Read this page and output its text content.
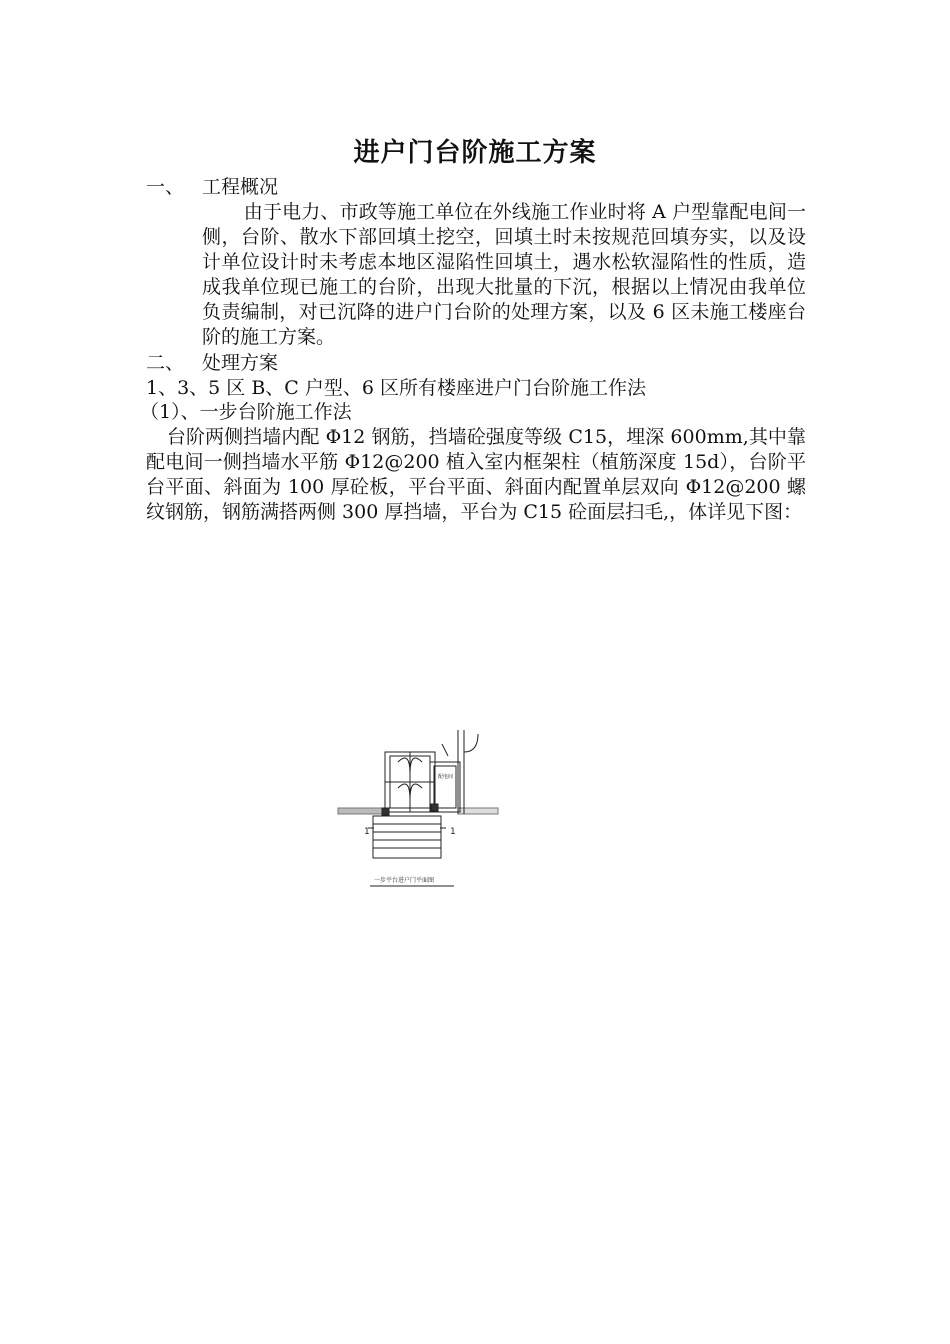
进户门台阶施工方案
一、 工程概况

由于电力、市政等施工单位在外线施工作业时将 A 户型靠配电间一侧，台阶、散水下部回填土挖空，回填土时未按规范回填夯实，以及设计单位设计时未考虑本地区湿陷性回填土，遇水松软湿陷性的性质，造成我单位现已施工的台阶，出现大批量的下沉，根据以上情况由我单位负责编制，对已沉降的进户门台阶的处理方案，以及 6 区未施工楼座台阶的施工方案。

二、 处理方案
1、3、5 区 B、C 户型、6 区所有楼座进户门台阶施工作法
（1）、一步台阶施工作法

台阶两侧挡墙内配 Φ12 钢筋，挡墙砼强度等级 C15，埋深 600mm,其中靠配电间一侧挡墙水平筋 Φ12@200 植入室内框架柱（植筋深度 15d），台阶平台平面、斜面为 100 厚砼板，平台平面、斜面内配置单层双向 Φ12@200 螺纹钢筋，钢筋满搭两侧 300 厚挡墙，平台为 C15 砼面层扫毛,，体详见下图：

配电间
1	1
一步平台进户门平面图
